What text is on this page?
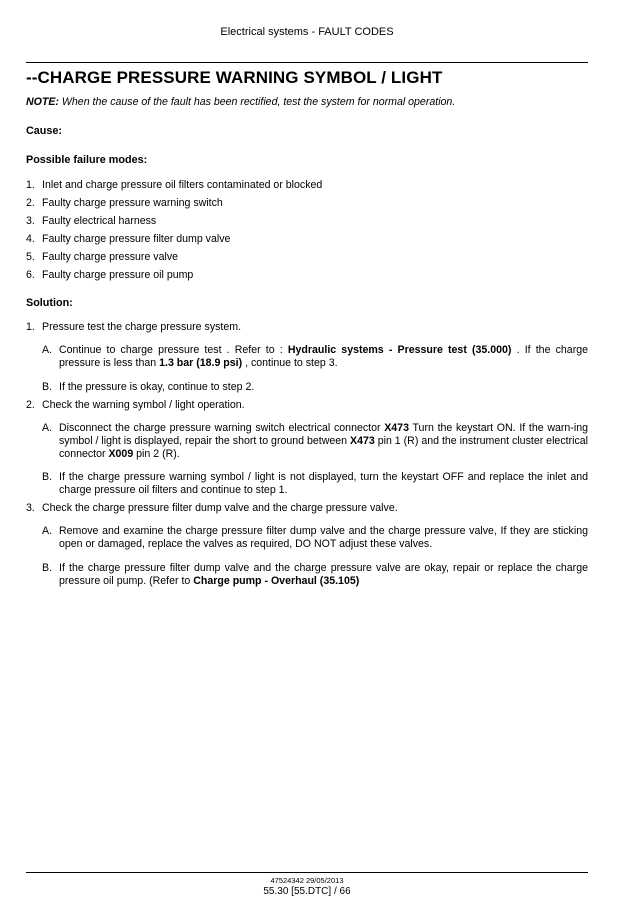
Electrical systems - FAULT CODES
--CHARGE PRESSURE WARNING SYMBOL / LIGHT
NOTE: When the cause of the fault has been rectified, test the system for normal operation.
Cause:
Possible failure modes:
1. Inlet and charge pressure oil filters contaminated or blocked
2. Faulty charge pressure warning switch
3. Faulty electrical harness
4. Faulty charge pressure filter dump valve
5. Faulty charge pressure valve
6. Faulty charge pressure oil pump
Solution:
1. Pressure test the charge pressure system.
A. Continue to charge pressure test . Refer to : Hydraulic systems - Pressure test (35.000) . If the charge pressure is less than 1.3 bar (18.9 psi) , continue to step 3.
B. If the pressure is okay, continue to step 2.
2. Check the warning symbol / light operation.
A. Disconnect the charge pressure warning switch electrical connector X473 Turn the keystart ON. If the warn-ing symbol / light is displayed, repair the short to ground between X473 pin 1 (R) and the instrument cluster electrical connector X009 pin 2 (R).
B. If the charge pressure warning symbol / light is not displayed, turn the keystart OFF and replace the inlet and charge pressure oil filters and continue to step 1.
3. Check the charge pressure filter dump valve and the charge pressure valve.
A. Remove and examine the charge pressure filter dump valve and the charge pressure valve, If they are sticking open or damaged, replace the valves as required, DO NOT adjust these valves.
B. If the charge pressure filter dump valve and the charge pressure valve are okay, repair or replace the charge pressure oil pump. (Refer to Charge pump - Overhaul (35.105)
47524342 29/05/2013
55.30 [55.DTC] / 66
